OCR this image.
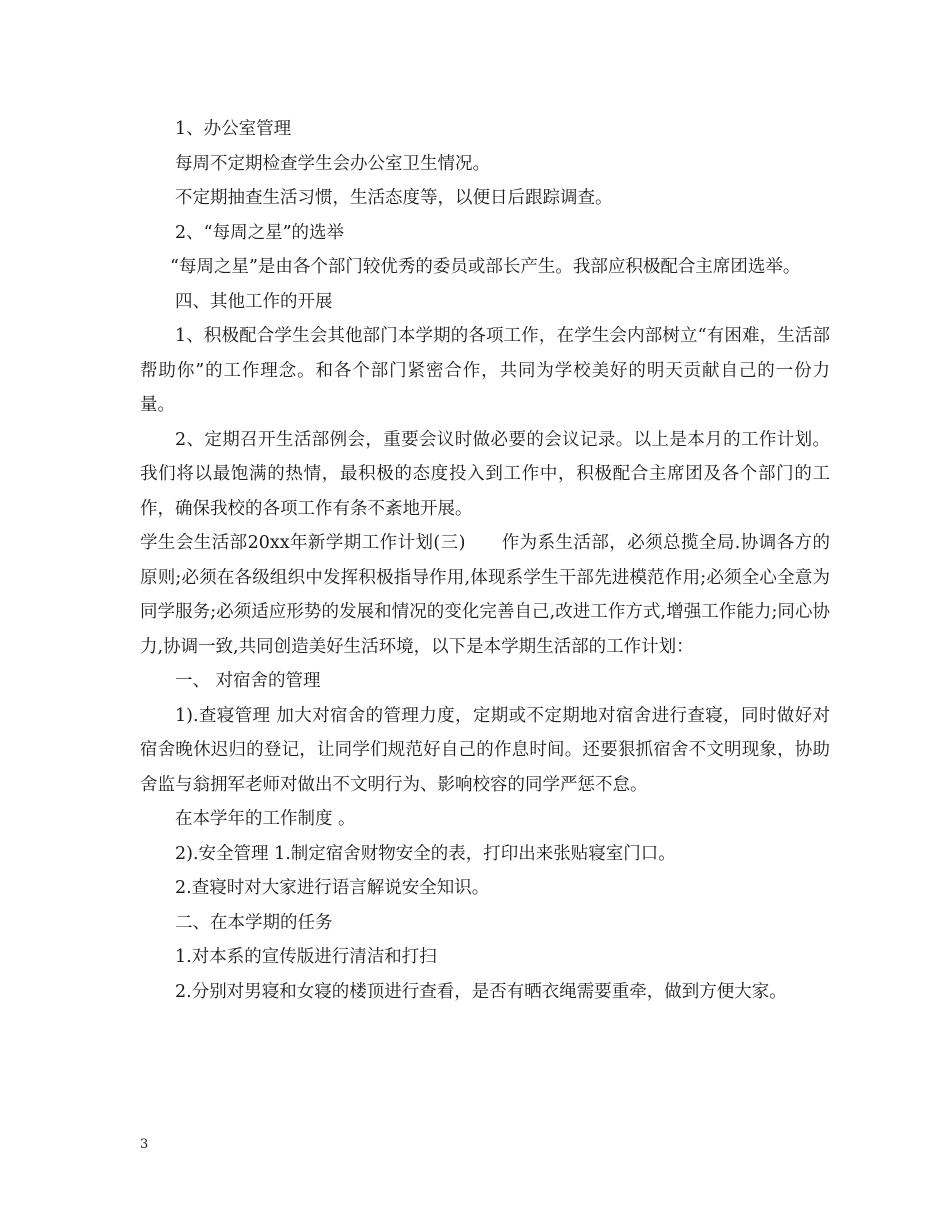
1、办公室管理

每周不定期检查学生会办公室卫生情况。

不定期抽查生活习惯，生活态度等，以便日后跟踪调查。

2、“每周之星”的选举

“每周之星”是由各个部门较优秀的委员或部长产生。我部应积极配合主席团选举。

四、其他工作的开展

1、积极配合学生会其他部门本学期的各项工作，在学生会内部树立“有困难，生活部帮助你”的工作理念。和各个部门紧密合作，共同为学校美好的明天贡献自己的一份力量。

2、定期召开生活部例会，重要会议时做必要的会议记录。以上是本月的工作计划。我们将以最饱满的热情，最积极的态度投入到工作中，积极配合主席团及各个部门的工作，确保我校的各项工作有条不紊地开展。

学生会生活部20xx年新学期工作计划(三)　　作为系生活部，必须总揽全局.协调各方的原则;必须在各级组织中发挥积极指导作用,体现系学生干部先进模范作用;必须全心全意为同学服务;必须适应形势的发展和情况的变化完善自己,改进工作方式,增强工作能力;同心协力,协调一致,共同创造美好生活环境，以下是本学期生活部的工作计划：

一、 对宿舍的管理

1).查寝管理 加大对宿舍的管理力度，定期或不定期地对宿舍进行查寝，同时做好对宿舍晚休迟归的登记，让同学们规范好自己的作息时间。还要狠抓宿舍不文明现象，协助舍监与翁拥军老师对做出不文明行为、影响校容的同学严惩不怠。

在本学年的工作制度 。

2).安全管理 1.制定宿舍财物安全的表，打印出来张贴寝室门口。

2.查寝时对大家进行语言解说安全知识。

二、在本学期的任务

1.对本系的宣传版进行清洁和打扫

2.分别对男寝和女寝的楼顶进行查看，是否有晒衣绳需要重牵，做到方便大家。

3
